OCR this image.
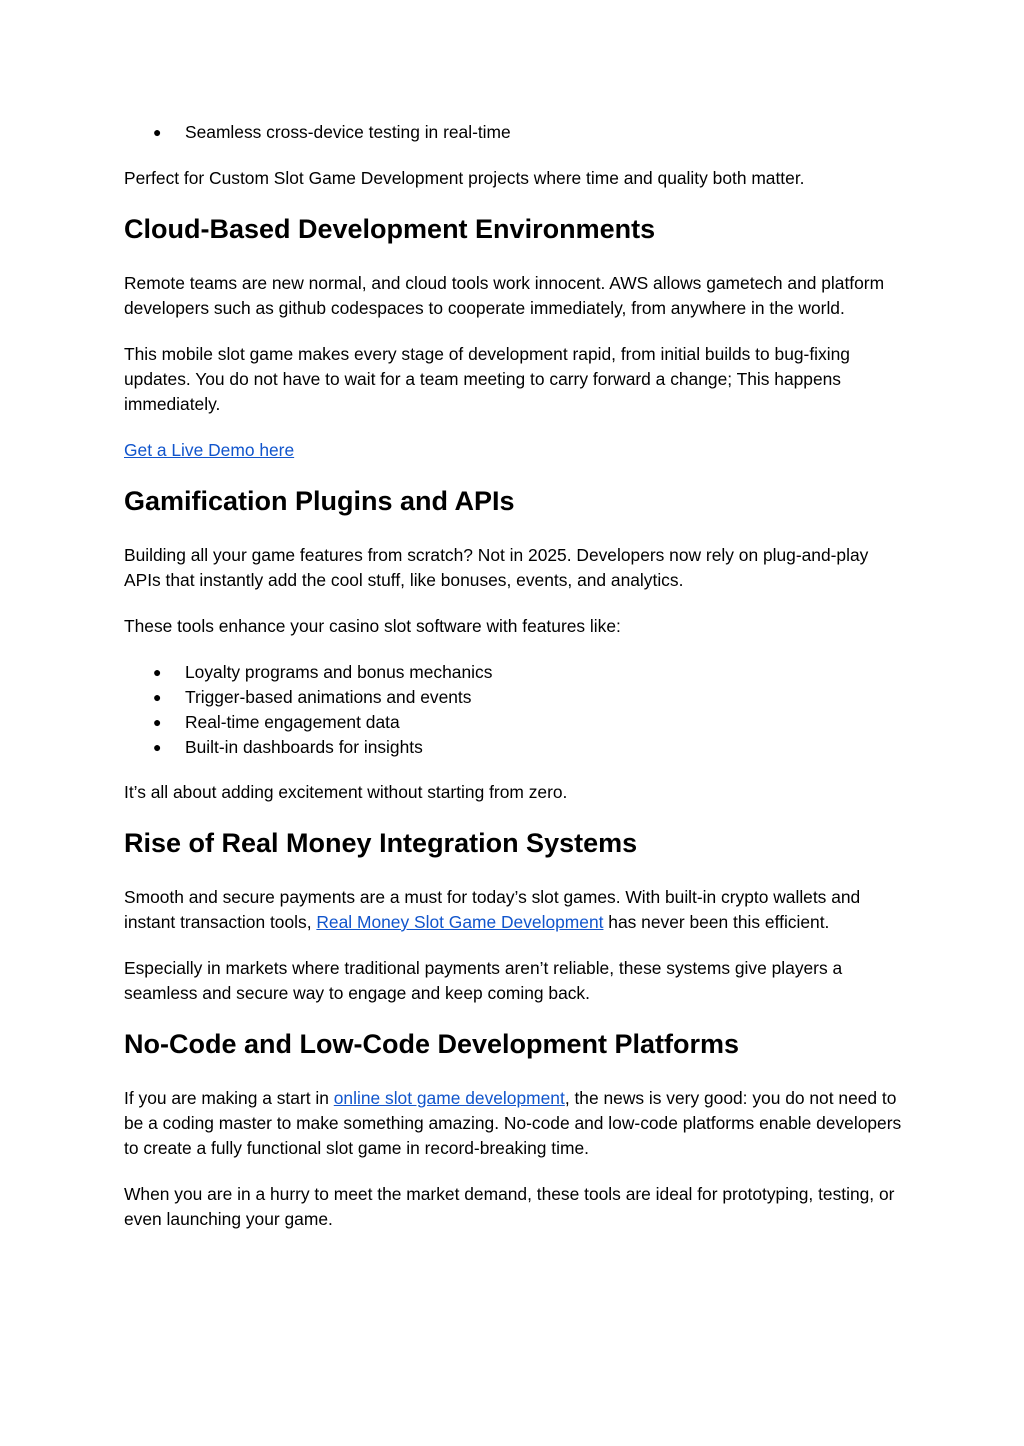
● Seamless cross-device testing in real-time

Perfect for Custom Slot Game Development projects where time and quality both matter.

Cloud-Based Development Environments

Remote teams are new normal, and cloud tools work innocent. AWS allows gametech and platform developers such as github codespaces to cooperate immediately, from anywhere in the world.

This mobile slot game makes every stage of development rapid, from initial builds to bug-fixing updates. You do not have to wait for a team meeting to carry forward a change; This happens immediately.

Get a Live Demo here

Gamification Plugins and APIs

Building all your game features from scratch? Not in 2025. Developers now rely on plug-and-play APIs that instantly add the cool stuff, like bonuses, events, and analytics.

These tools enhance your casino slot software with features like:

● Loyalty programs and bonus mechanics
● Trigger-based animations and events
● Real-time engagement data
● Built-in dashboards for insights

It’s all about adding excitement without starting from zero.

Rise of Real Money Integration Systems

Smooth and secure payments are a must for today’s slot games. With built-in crypto wallets and instant transaction tools, Real Money Slot Game Development has never been this efficient.

Especially in markets where traditional payments aren’t reliable, these systems give players a seamless and secure way to engage and keep coming back.

No-Code and Low-Code Development Platforms

If you are making a start in online slot game development, the news is very good: you do not need to be a coding master to make something amazing. No-code and low-code platforms enable developers to create a fully functional slot game in record-breaking time.

When you are in a hurry to meet the market demand, these tools are ideal for prototyping, testing, or even launching your game.
